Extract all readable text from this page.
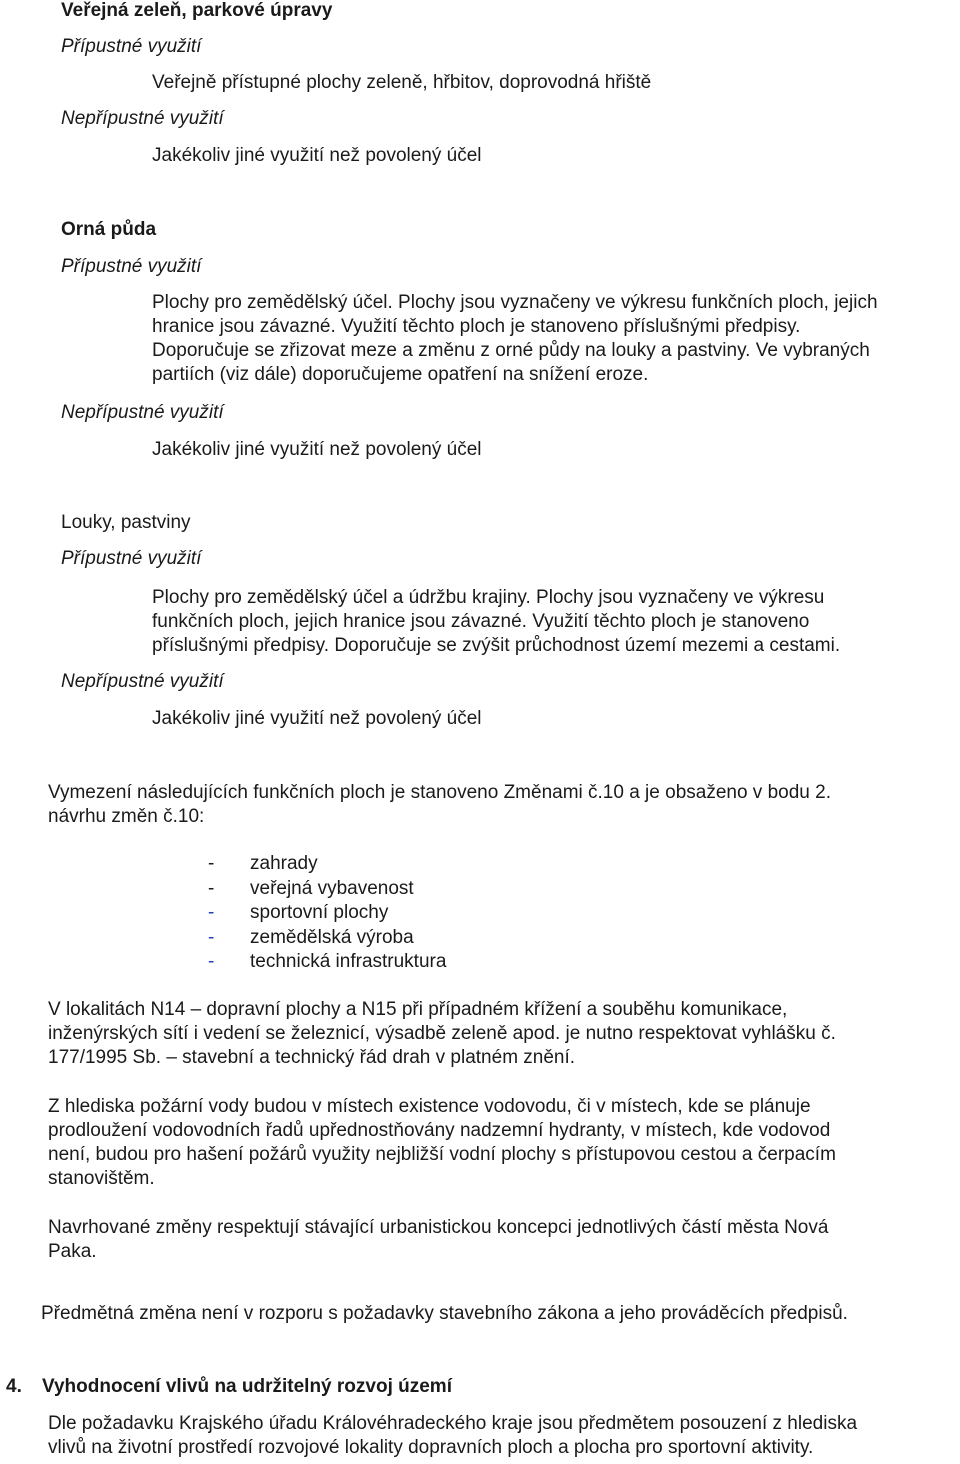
Veřejná zeleň, parkové úpravy
Přípustné využití
Veřejně přístupné plochy zeleně, hřbitov, doprovodná hřiště
Nepřípustné využití
Jakékoliv jiné využití než povolený účel
Orná půda
Přípustné využití
Plochy pro zemědělský účel. Plochy jsou vyznačeny ve výkresu funkčních ploch, jejich
hranice jsou závazné. Využití těchto ploch je stanoveno příslušnými předpisy.
Doporučuje se zřizovat meze a změnu z orné půdy na louky a pastviny. Ve vybraných
partiích (viz dále) doporučujeme opatření na snížení eroze.
Nepřípustné využití
Jakékoliv jiné využití než povolený účel
Louky, pastviny
Přípustné využití
Plochy pro zemědělský účel a údržbu krajiny. Plochy jsou vyznačeny ve výkresu
funkčních ploch, jejich hranice jsou závazné. Využití těchto ploch je stanoveno
příslušnými předpisy. Doporučuje se zvýšit průchodnost území mezemi a cestami.
Nepřípustné využití
Jakékoliv jiné využití než povolený účel
Vymezení následujících funkčních ploch je stanoveno Změnami č.10 a je obsaženo v bodu 2.
návrhu změn č.10:
-	zahrady
-	veřejná vybavenost
-	sportovní plochy
-	zemědělská výroba
-	technická infrastruktura
V lokalitách N14 – dopravní plochy a N15 při případném křížení a souběhu komunikace,
inženýrských sítí i vedení se železnicí, výsadbě zeleně apod. je nutno respektovat vyhlášku č.
177/1995 Sb. – stavební a technický řád drah v platném znění.
Z hlediska požární vody budou v místech existence vodovodu, či v místech, kde se plánuje
prodloužení vodovodních řadů upřednostňovány nadzemní hydranty, v místech, kde vodovod
není, budou pro hašení požárů využity nejbližší vodní plochy s přístupovou cestou a čerpacím
stanovištěm.
Navrhované změny respektují stávající urbanistickou koncepci jednotlivých částí města Nová
Paka.
Předmětná změna není v rozporu s požadavky stavebního zákona a jeho prováděcích předpisů.
4. Vyhodnocení vlivů na udržitelný rozvoj území
Dle požadavku Krajského úřadu Královéhradeckého kraje jsou předmětem posouzení z hlediska
vlivů na životní prostředí rozvojové lokality dopravních ploch a plocha pro sportovní aktivity.
